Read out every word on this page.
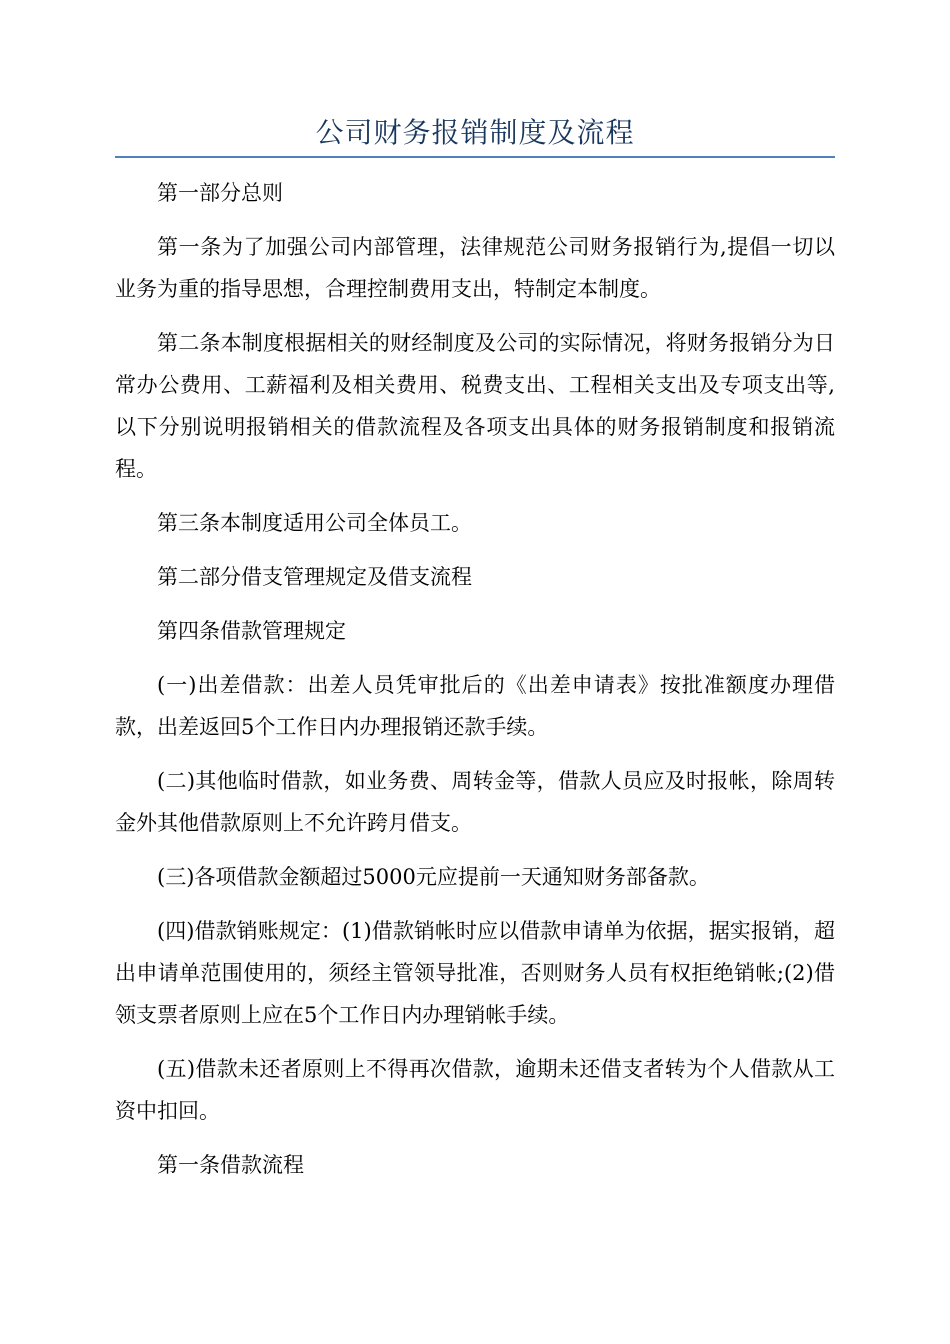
公司财务报销制度及流程

第一部分总则

第一条为了加强公司内部管理，法律规范公司财务报销行为,提倡一切以业务为重的指导思想，合理控制费用支出，特制定本制度。

第二条本制度根据相关的财经制度及公司的实际情况，将财务报销分为日常办公费用、工薪福利及相关费用、税费支出、工程相关支出及专项支出等,以下分别说明报销相关的借款流程及各项支出具体的财务报销制度和报销流程。

第三条本制度适用公司全体员工。

第二部分借支管理规定及借支流程

第四条借款管理规定

(一)出差借款：出差人员凭审批后的《出差申请表》按批准额度办理借款，出差返回5个工作日内办理报销还款手续。

(二)其他临时借款，如业务费、周转金等，借款人员应及时报帐，除周转金外其他借款原则上不允许跨月借支。

(三)各项借款金额超过5000元应提前一天通知财务部备款。

(四)借款销账规定：(1)借款销帐时应以借款申请单为依据，据实报销，超出申请单范围使用的，须经主管领导批准，否则财务人员有权拒绝销帐;(2)借领支票者原则上应在5个工作日内办理销帐手续。

(五)借款未还者原则上不得再次借款，逾期未还借支者转为个人借款从工资中扣回。

第一条借款流程
